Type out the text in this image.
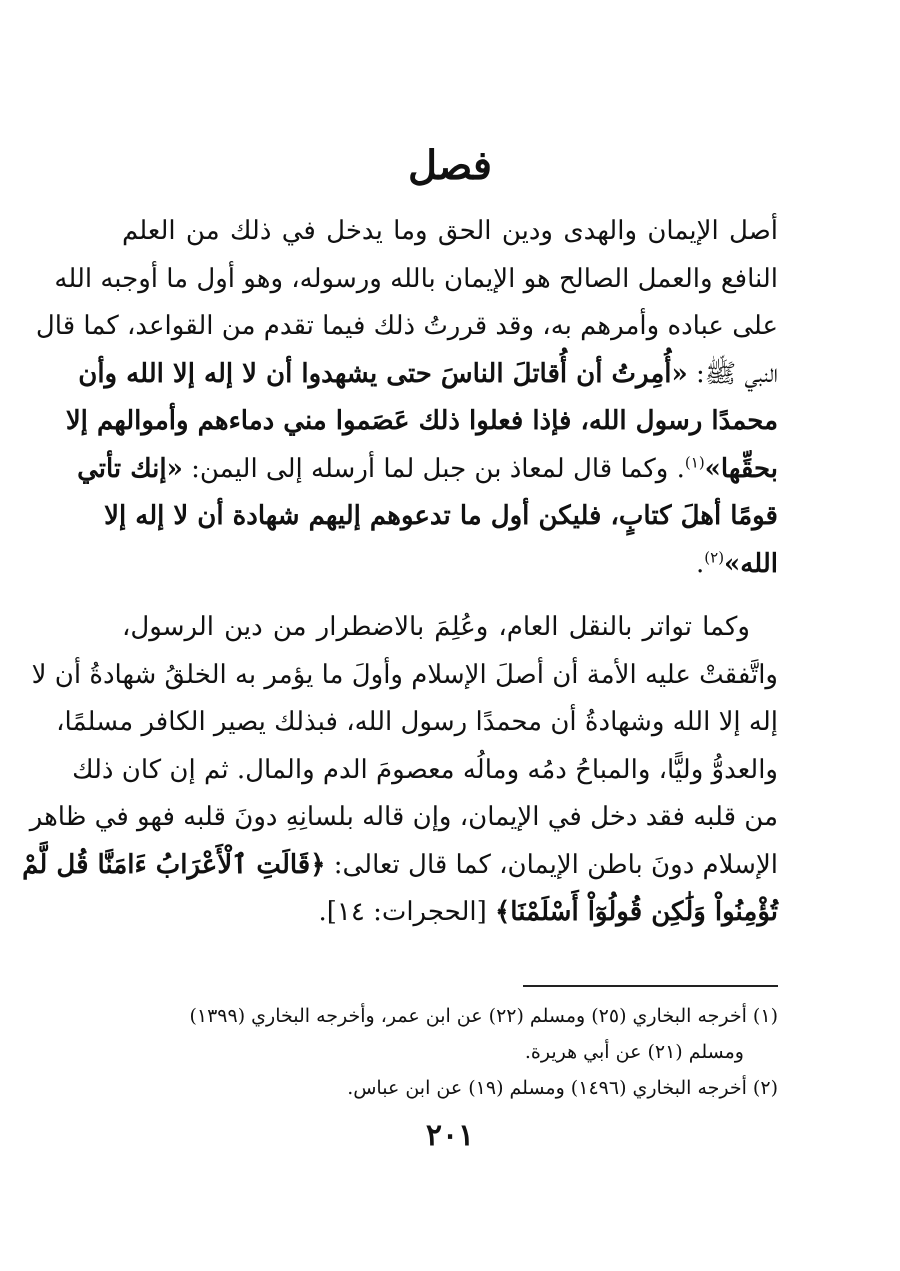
فصل
أصل الإيمان والهدى ودين الحق وما يدخل في ذلك من العلم
النافع والعمل الصالح هو الإيمان بالله ورسوله، وهو أول ما أوجبه الله
على عباده وأمرهم به، وقد قررتُ ذلك فيما تقدم من القواعد، كما قال
النبي ﷺ: «أُمِرتُ أن أُقاتلَ الناسَ حتى يشهدوا أن لا إله إلا الله وأن
محمدًا رسول الله، فإذا فعلوا ذلك عَصَموا مني دماءهم وأموالهم إلا
بحقِّها»$^{(١)}$. وكما قال لمعاذ بن جبل لما أرسله إلى اليمن: «إنك تأتي
قومًا أهلَ كتابٍ، فليكن أول ما تدعوهم إليهم شهادة أن لا إله إلا
الله»$^{(٢)}$.
وكما تواتر بالنقل العام، وعُلِمَ بالاضطرار من دين الرسول،
واتَّفقتْ عليه الأمة أن أصلَ الإسلام وأولَ ما يؤمر به الخلقُ شهادةُ أن لا
إله إلا الله وشهادةُ أن محمدًا رسول الله، فبذلك يصير الكافر مسلمًا،
والعدوُّ وليًّا، والمباحُ دمُه ومالُه معصومَ الدم والمال. ثم إن كان ذلك
من قلبه فقد دخل في الإيمان، وإن قاله بلسانِهِ دونَ قلبه فهو في ظاهر
الإسلام دونَ باطن الإيمان، كما قال تعالى: ﴿قَالَتِ ٱلْأَعْرَابُ ءَامَنَّا قُل لَّمْ
تُؤْمِنُواْ وَلَٰكِن قُولُوٓاْ أَسْلَمْنَا﴾ [الحجرات: ١٤].
(١) أخرجه البخاري (٢٥) ومسلم (٢٢) عن ابن عمر، وأخرجه البخاري (١٣٩٩)
ومسلم (٢١) عن أبي هريرة.
(٢) أخرجه البخاري (١٤٩٦) ومسلم (١٩) عن ابن عباس.
٢٠١
